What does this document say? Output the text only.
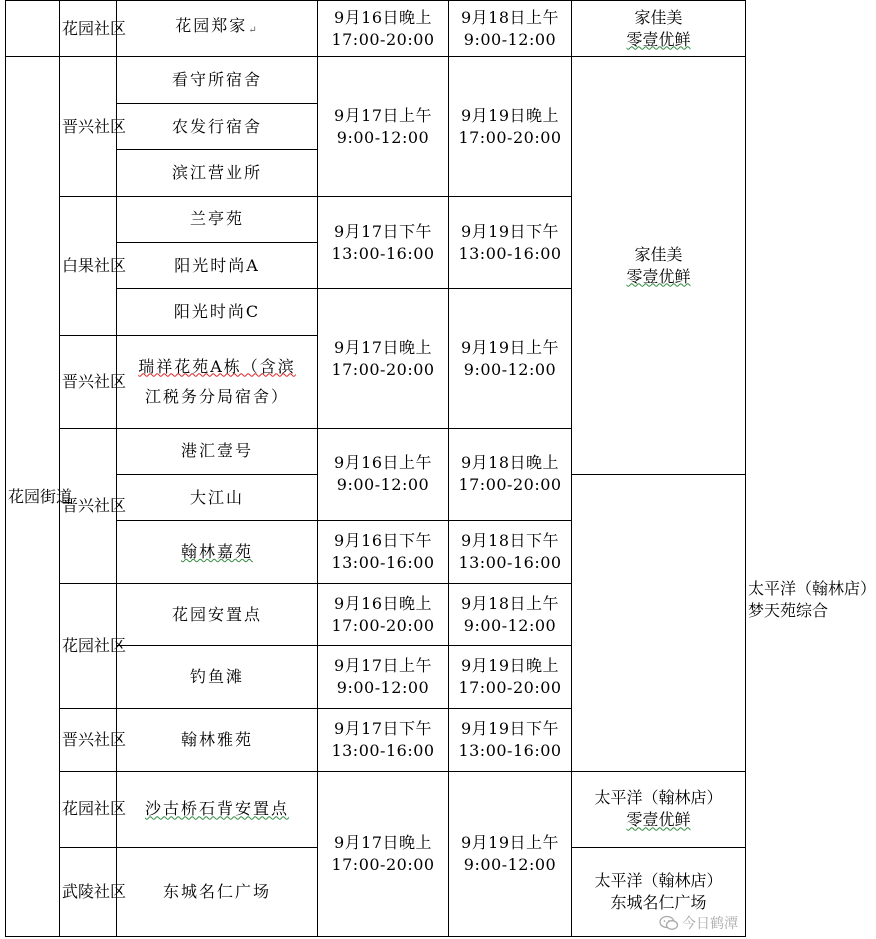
	花园社区	花园郑家↵	9月16日晚上
17:00-20:00	9月18日上午
9:00-12:00	家佳美
零壹优鲜	

花园街道	晋兴社区	看守所宿舍	9月17日上午
9:00-12:00	9月19日晚上
17:00-20:00	家佳美
零壹优鲜	

		农发行宿舍				
		滨江营业所				

	白果社区	兰亭苑	9月17日下午
13:00-16:00	9月19日下午
13:00-16:00		

		阳光时尚A				
		阳光时尚C	9月17日晚上
17:00-20:00	9月19日上午
9:00-12:00		

	晋兴社区	瑞祥花苑A栋（含滨
江税务分局宿舍）				

	晋兴社区	港汇壹号	9月16日上午
9:00-12:00	9月18日晚上
17:00-20:00		太平洋（翰林店）
梦天苑综合

		大江山				
		翰林嘉苑	9月16日下午
13:00-16:00	9月18日下午
13:00-16:00		

	花园社区	花园安置点	9月16日晚上
17:00-20:00	9月18日上午
9:00-12:00		

		钓鱼滩	9月17日上午
9:00-12:00	9月19日晚上
17:00-20:00		

	晋兴社区	翰林雅苑	9月17日下午
13:00-16:00	9月19日下午
13:00-16:00		

	花园社区	沙古桥石背安置点	9月17日晚上
17:00-20:00	9月19日上午
9:00-12:00	太平洋（翰林店）
零壹优鲜	

	武陵社区	东城名仁广场			太平洋（翰林店）
东城名仁广场	
今日鹤潭
